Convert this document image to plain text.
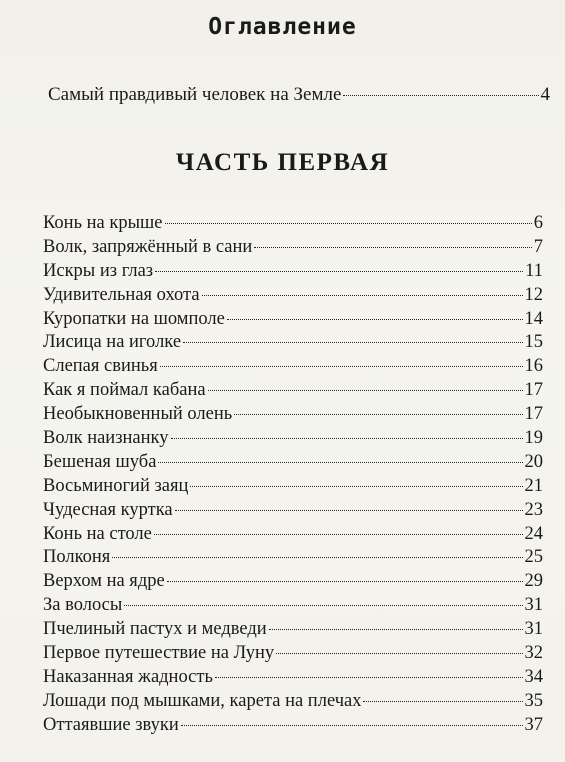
Оглавление
Самый правдивый человек на Земле	4
ЧАСТЬ ПЕРВАЯ
Конь на крыше	6
Волк, запряжённый в сани	7
Искры из глаз	11
Удивительная охота	12
Куропатки на шомполе	14
Лисица на иголке	15
Слепая свинья	16
Как я поймал кабана	17
Необыкновенный олень	17
Волк наизнанку	19
Бешеная шуба	20
Восьминогий заяц	21
Чудесная куртка	23
Конь на столе	24
Полконя	25
Верхом на ядре	29
За волосы	31
Пчелиный пастух и медведи	31
Первое путешествие на Луну	32
Наказанная жадность	34
Лошади под мышками, карета на плечах	35
Оттаявшие звуки	37
